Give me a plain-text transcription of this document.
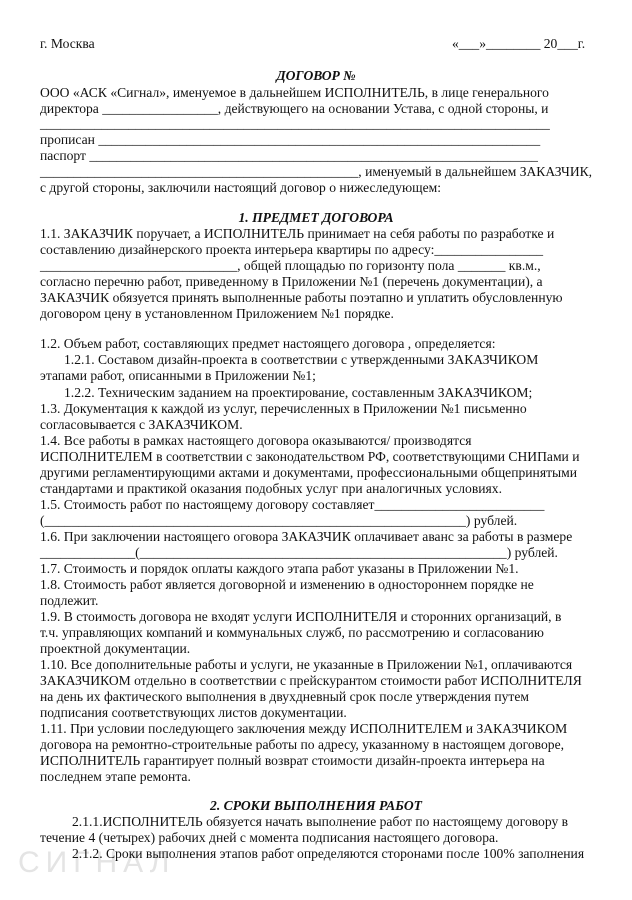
СИГНАЛ
г. Москва	«___»________ 20___г.
ДОГОВОР №
ООО «АСК «Сигнал», именуемое в дальнейшем ИСПОЛНИТЕЛЬ, в лице генерального
директора _________________, действующего на основании Устава, с одной стороны, и
___________________________________________________________________________
прописан _________________________________________________________________
паспорт __________________________________________________________________
_______________________________________________, именуемый в дальнейшем ЗАКАЗЧИК,
с другой стороны, заключили настоящий договор о нижеследующем:
1. ПРЕДМЕТ ДОГОВОРА
1.1. ЗАКАЗЧИК поручает, а ИСПОЛНИТЕЛЬ принимает на себя работы по разработке и
составлению дизайнерского проекта интерьера квартиры по адресу:________________
_____________________________, общей площадью по горизонту пола _______ кв.м.,
согласно перечню работ, приведенному в Приложении №1 (перечень документации), а
ЗАКАЗЧИК обязуется принять выполненные работы поэтапно и уплатить обусловленную
договором цену в установленном Приложением №1 порядке.
1.2. Объем работ, составляющих предмет настоящего договора , определяется:
1.2.1. Составом дизайн-проекта в соответствии с утвержденными ЗАКАЗЧИКОМ
этапами работ, описанными в Приложении №1;
1.2.2. Техническим заданием на проектирование, составленным ЗАКАЗЧИКОМ;
1.3. Документация к каждой из услуг, перечисленных в Приложении №1 письменно
согласовывается с ЗАКАЗЧИКОМ.
1.4. Все работы в рамках настоящего договора оказываются/ производятся
ИСПОЛНИТЕЛЕМ в соответствии с законодательством РФ, соответствующими СНИПами и
другими регламентирующими актами и документами, профессиональными общепринятыми
стандартами и практикой оказания подобных услуг при аналогичных условиях.
1.5. Стоимость работ по настоящему договору составляет_________________________
(______________________________________________________________) рублей.
1.6. При заключении настоящего оговора ЗАКАЗЧИК оплачивает аванс за работы в размере
______________(______________________________________________________) рублей.
1.7. Стоимость и порядок оплаты каждого этапа работ указаны в Приложении №1.
1.8. Стоимость работ является договорной и изменению в одностороннем порядке не
подлежит.
1.9. В стоимость договора не входят услуги ИСПОЛНИТЕЛЯ и сторонних организаций, в
т.ч. управляющих компаний и коммунальных служб, по рассмотрению и согласованию
проектной документации.
1.10. Все дополнительные работы и услуги, не указанные в Приложении №1, оплачиваются
ЗАКАЗЧИКОМ отдельно в соответствии с прейскурантом стоимости работ ИСПОЛНИТЕЛЯ
на день их фактического выполнения в двухдневный срок после утверждения путем
подписания соответствующих листов документации.
1.11. При условии последующего заключения между ИСПОЛНИТЕЛЕМ и ЗАКАЗЧИКОМ
договора на ремонтно-строительные работы по адресу, указанному в настоящем договоре,
ИСПОЛНИТЕЛЬ гарантирует полный возврат стоимости дизайн-проекта интерьера на
последнем этапе ремонта.
2. СРОКИ ВЫПОЛНЕНИЯ РАБОТ
2.1.1.ИСПОЛНИТЕЛЬ обязуется начать выполнение работ по настоящему договору в
течение 4 (четырех) рабочих дней с момента подписания настоящего договора.
2.1.2. Сроки выполнения этапов работ определяются сторонами после 100% заполнения
